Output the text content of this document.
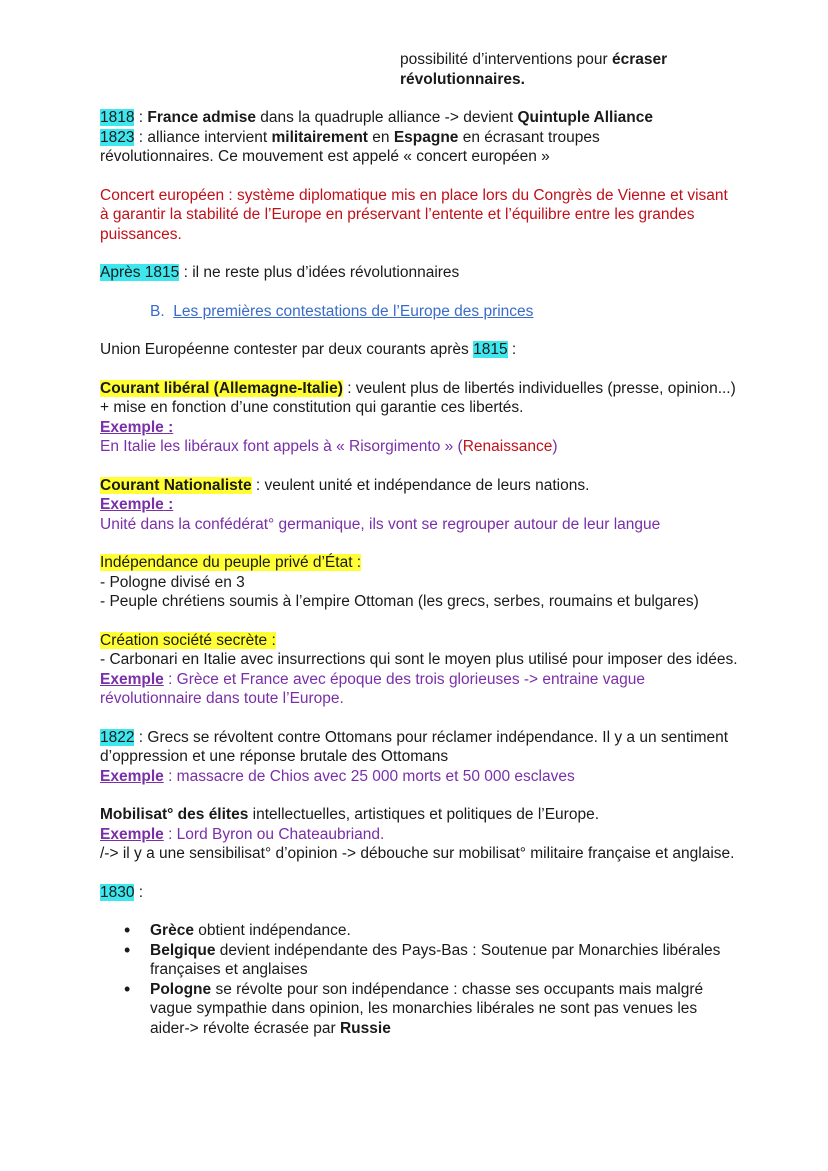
possibilité d’interventions pour écraser
révolutionnaires.

1818 : France admise dans la quadruple alliance -> devient Quintuple Alliance

1823 : alliance intervient militairement en Espagne en écrasant troupes
révolutionnaires. Ce mouvement est appelé « concert européen »

Concert européen : système diplomatique mis en place lors du Congrès de Vienne et visant à garantir la stabilité de l’Europe en préservant l’entente et l’équilibre entre les grandes puissances.

Après 1815 : il ne reste plus d’idées révolutionnaires

B. Les premières contestations de l’Europe des princes

Union Européenne contester par deux courants après 1815 :

Courant libéral (Allemagne-Italie) : veulent plus de libertés individuelles (presse, opinion...) + mise en fonction d’une constitution qui garantie ces libertés.
Exemple :
En Italie les libéraux font appels à « Risorgimento » (Renaissance)

Courant Nationaliste : veulent unité et indépendance de leurs nations.
Exemple :
Unité dans la confédérat° germanique, ils vont se regrouper autour de leur langue

Indépendance du peuple privé d’État :
- Pologne divisé en 3
- Peuple chrétiens soumis à l’empire Ottoman (les grecs, serbes, roumains et bulgares)

Création société secrète :
- Carbonari en Italie avec insurrections qui sont le moyen plus utilisé pour imposer des idées.
Exemple : Grèce et France avec époque des trois glorieuses -> entraine vague révolutionnaire dans toute l’Europe.

1822 : Grecs se révoltent contre Ottomans pour réclamer indépendance. Il y a un sentiment d’oppression et une réponse brutale des Ottomans
Exemple : massacre de Chios avec 25 000 morts et 50 000 esclaves

Mobilisat° des élites intellectuelles, artistiques et politiques de l’Europe.
Exemple : Lord Byron ou Chateaubriand.
/-> il y a une sensibilisat° d’opinion -> débouche sur mobilisat° militaire française et anglaise.

1830 :

• Grèce obtient indépendance.
• Belgique devient indépendante des Pays-Bas : Soutenue par Monarchies libérales françaises et anglaises
• Pologne se révolte pour son indépendance : chasse ses occupants mais malgré vague sympathie dans opinion, les monarchies libérales ne sont pas venues les aider-> révolte écrasée par Russie
